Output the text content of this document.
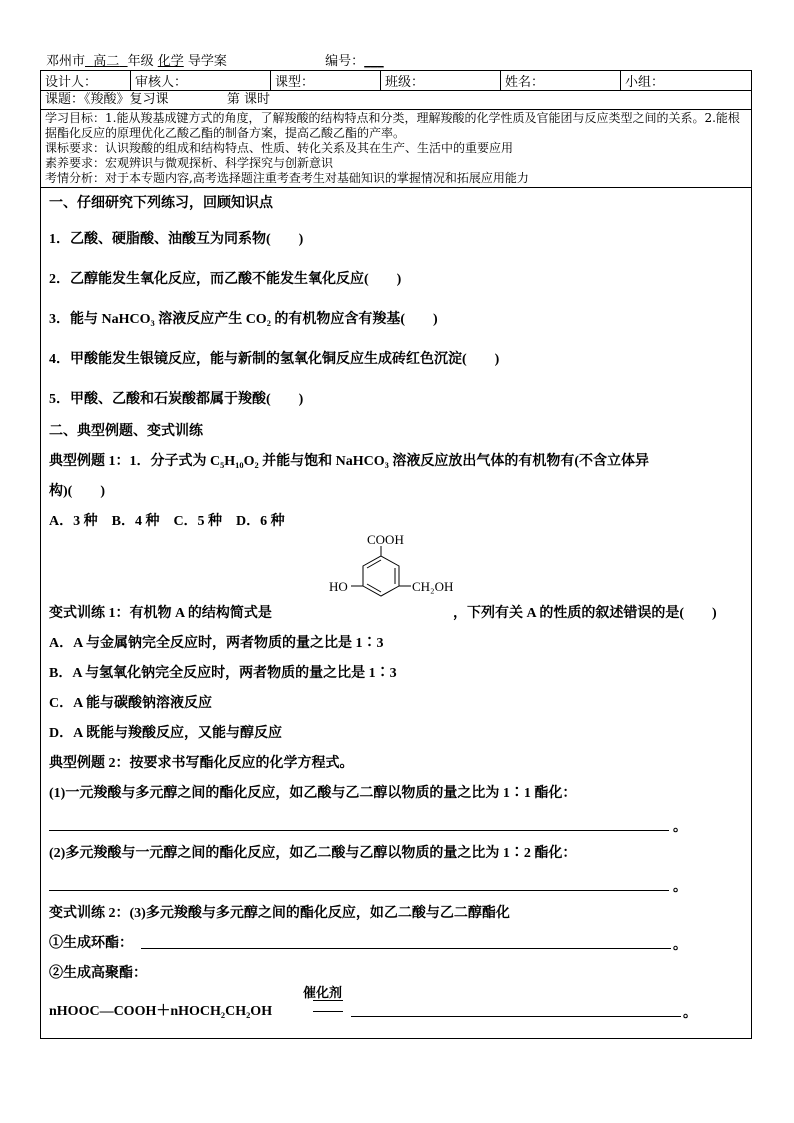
邓州市 高二 年级 化学 导学案	编号：___
设计人：	审核人：	课型：	班级：	姓名：	小组：
课题：《羧酸》复习课	第 课时
学习目标：1.能从羧基成键方式的角度，了解羧酸的结构特点和分类，理解羧酸的化学性质及官能团与反应类型之间的关系。2.能根据酯化反应的原理优化乙酸乙酯的制备方案，提高乙酸乙酯的产率。
课标要求：认识羧酸的组成和结构特点、性质、转化关系及其在生产、生活中的重要应用
素养要求：宏观辨识与微观探析、科学探究与创新意识
考情分析：对于本专题内容,高考选择题注重考查考生对基础知识的掌握情况和拓展应用能力
一、仔细研究下列练习，回顾知识点
1．乙酸、硬脂酸、油酸互为同系物(　　)
2．乙醇能发生氧化反应，而乙酸不能发生氧化反应(　　)
3．能与 NaHCO₃ 溶液反应产生 CO₂ 的有机物应含有羧基(　　)
4．甲酸能发生银镜反应，能与新制的氢氧化铜反应生成砖红色沉淀(　　)
5．甲酸、乙酸和石炭酸都属于羧酸(　　)
二、典型例题、变式训练
典型例题 1：1．分子式为 C₅H₁₀O₂ 并能与饱和 NaHCO₃ 溶液反应放出气体的有机物有(不含立体异
构)(　　)
A．3 种　B．4 种　C．5 种　D．6 种
COOH
HO	CH₂OH
变式训练 1：有机物 A 的结构简式是	，下列有关 A 的性质的叙述错误的是(　　)
A．A 与金属钠完全反应时，两者物质的量之比是 1∶3
B．A 与氢氧化钠完全反应时，两者物质的量之比是 1∶3
C．A 能与碳酸钠溶液反应
D．A 既能与羧酸反应，又能与醇反应
典型例题 2：按要求书写酯化反应的化学方程式。
(1)一元羧酸与多元醇之间的酯化反应，如乙酸与乙二醇以物质的量之比为 1∶1 酯化：
。
(2)多元羧酸与一元醇之间的酯化反应，如乙二酸与乙醇以物质的量之比为 1∶2 酯化：
。
变式训练 2：(3)多元羧酸与多元醇之间的酯化反应，如乙二酸与乙二醇酯化
①生成环酯：	。
②生成高聚酯：
nHOOC—COOH＋nHOCH₂CH₂OH
催化剂
。
